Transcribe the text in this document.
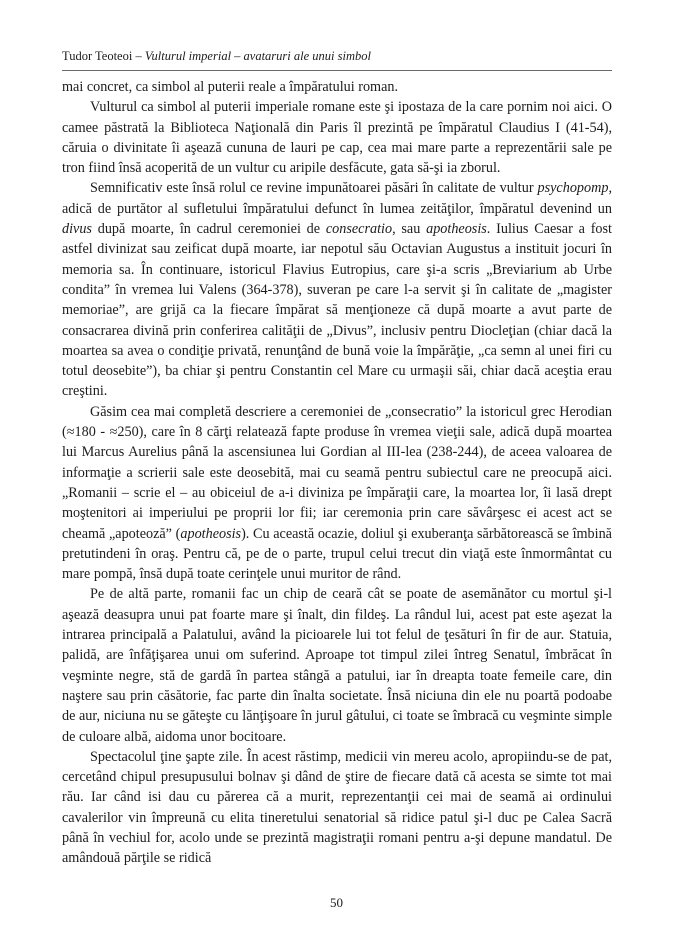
Tudor Teoteoi – Vulturul imperial – avataruri ale unui simbol

mai concret, ca simbol al puterii reale a împăratului roman.

Vulturul ca simbol al puterii imperiale romane este şi ipostaza de la care pornim noi aici. O camee păstrată la Biblioteca Naţională din Paris îl prezintă pe împăratul Claudius I (41-54), căruia o divinitate îi aşează cununa de lauri pe cap, cea mai mare parte a reprezentării sale pe tron fiind însă acoperită de un vultur cu aripile desfăcute, gata să-şi ia zborul.

Semnificativ este însă rolul ce revine impunătoarei păsări în calitate de vultur psychopomp, adică de purtător al sufletului împăratului defunct în lumea zeităţilor, împăratul devenind un divus după moarte, în cadrul ceremoniei de consecratio, sau apotheosis. Iulius Caesar a fost astfel divinizat sau zeificat după moarte, iar nepotul său Octavian Augustus a instituit jocuri în memoria sa. În continuare, istoricul Flavius Eutropius, care şi-a scris „Breviarium ab Urbe condita” în vremea lui Valens (364-378), suveran pe care l-a servit şi în calitate de „magister memoriae”, are grijă ca la fiecare împărat să menţioneze că după moarte a avut parte de consacrarea divină prin conferirea calităţii de „Divus”, inclusiv pentru Diocleţian (chiar dacă la moartea sa avea o condiţie privată, renunţând de bună voie la împărăţie, „ca semn al unei firi cu totul deosebite”), ba chiar şi pentru Constantin cel Mare cu urmaşii săi, chiar dacă aceştia erau creştini.

Găsim cea mai completă descriere a ceremoniei de „consecratio” la istoricul grec Herodian (≈180 - ≈250), care în 8 cărţi relatează fapte produse în vremea vieţii sale, adică după moartea lui Marcus Aurelius până la ascensiunea lui Gordian al III-lea (238-244), de aceea valoarea de informaţie a scrierii sale este deosebită, mai cu seamă pentru subiectul care ne preocupă aici. „Romanii – scrie el – au obiceiul de a-i diviniza pe împăraţii care, la moartea lor, îi lasă drept moştenitori ai imperiului pe proprii lor fii; iar ceremonia prin care săvârşesc ei acest act se cheamă „apoteoză” (apotheosis). Cu această ocazie, doliul şi exuberanţa sărbătorească se îmbină pretutindeni în oraş. Pentru că, pe de o parte, trupul celui trecut din viaţă este înmormântat cu mare pompă, însă după toate cerinţele unui muritor de rând.

Pe de altă parte, romanii fac un chip de ceară cât se poate de asemănător cu mortul şi-l aşează deasupra unui pat foarte mare şi înalt, din fildeş. La rândul lui, acest pat este aşezat la intrarea principală a Palatului, având la picioarele lui tot felul de ţesături în fir de aur. Statuia, palidă, are înfăţişarea unui om suferind. Aproape tot timpul zilei întreg Senatul, îmbrăcat în veşminte negre, stă de gardă în partea stângă a patului, iar în dreapta toate femeile care, din naştere sau prin căsătorie, fac parte din înalta societate. Însă niciuna din ele nu poartă podoabe de aur, niciuna nu se găteşte cu lănţişoare în jurul gâtului, ci toate se îmbracă cu veşminte simple de culoare albă, aidoma unor bocitoare.

Spectacolul ţine şapte zile. În acest răstimp, medicii vin mereu acolo, apropiindu-se de pat, cercetând chipul presupusului bolnav şi dând de ştire de fiecare dată că acesta se simte tot mai rău. Iar când isi dau cu părerea că a murit, reprezentanţii cei mai de seamă ai ordinului cavalerilor vin împreună cu elita tineretului senatorial să ridice patul şi-l duc pe Calea Sacră până în vechiul for, acolo unde se prezintă magistraţii romani pentru a-şi depune mandatul. De amândouă părţile se ridică

50
